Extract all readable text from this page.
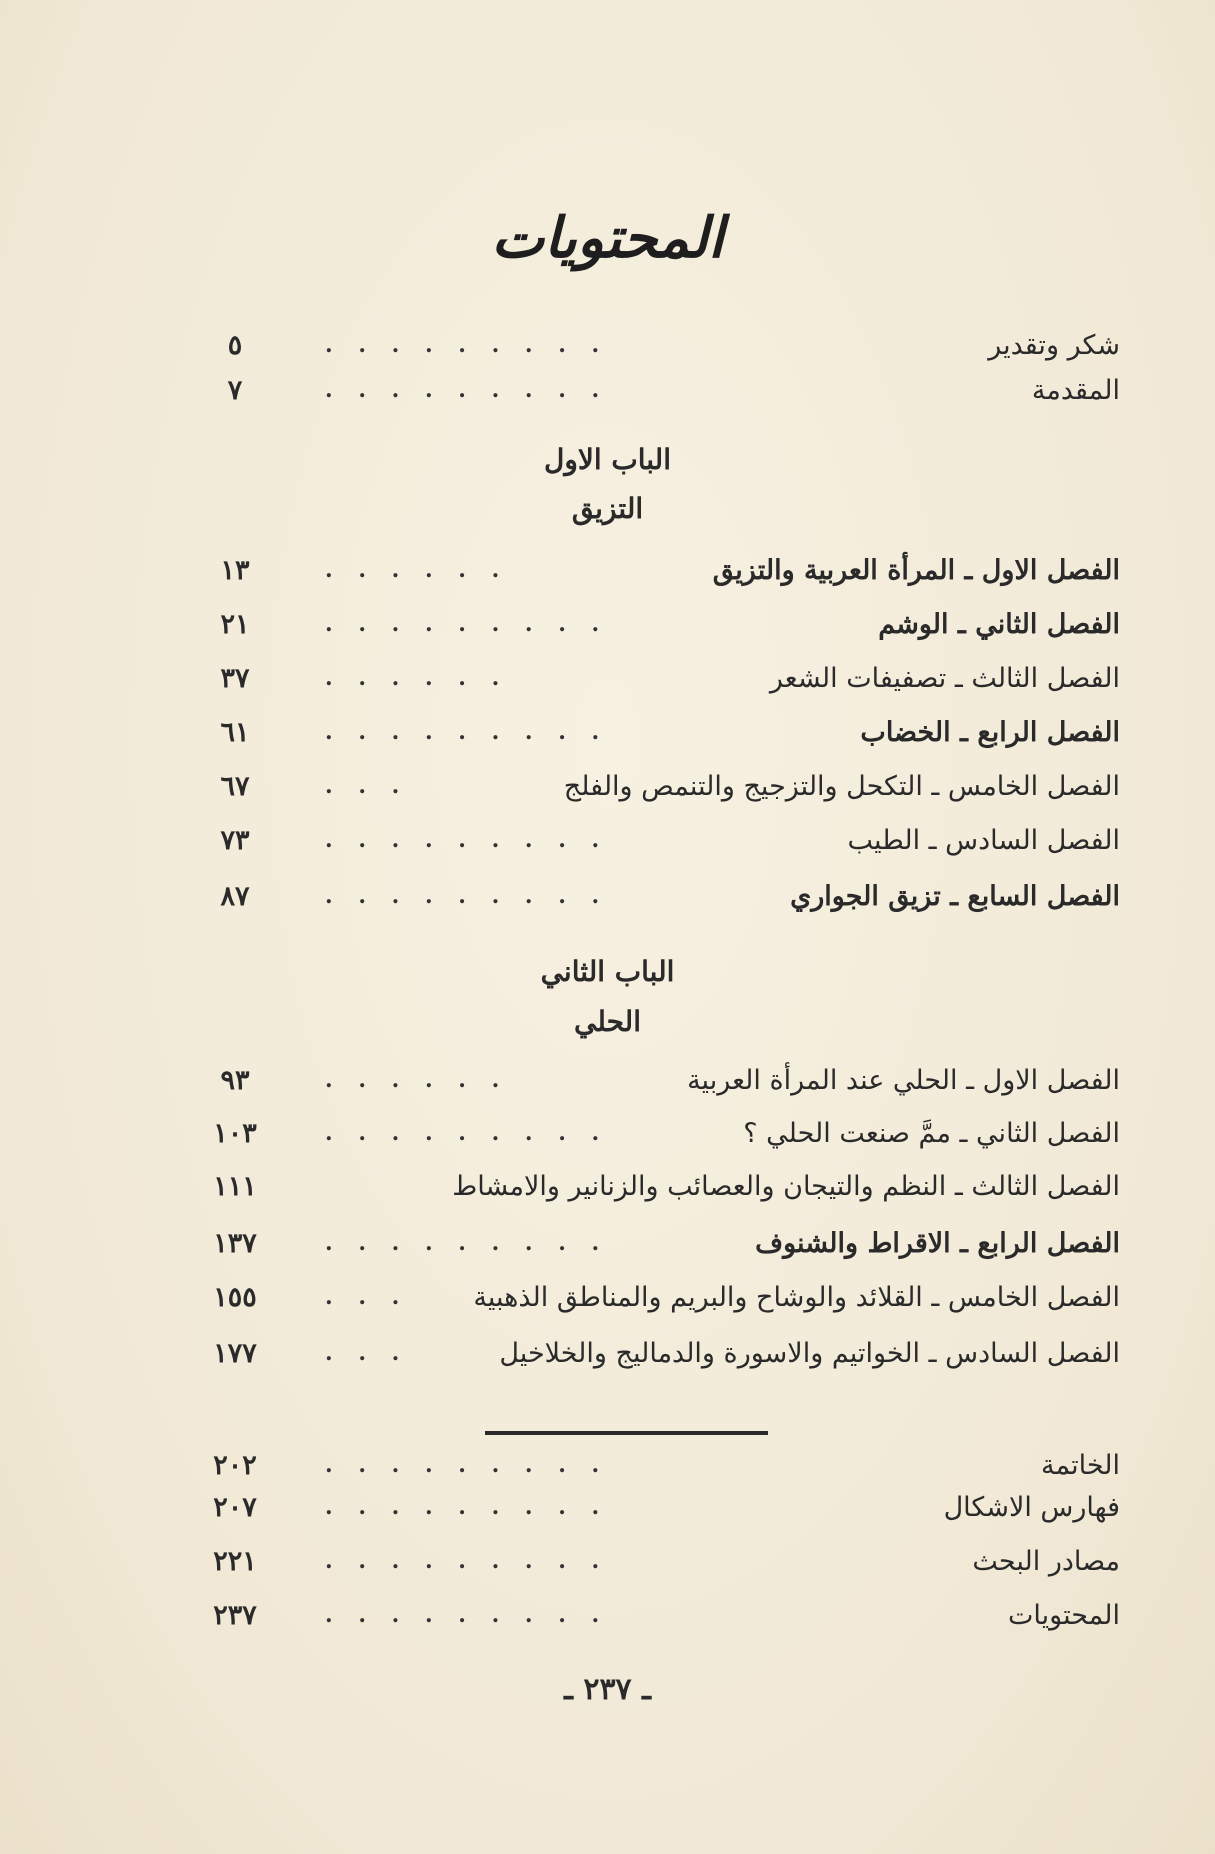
المحتويات
شكر وتقدير
. . . . . . . . .
٥
المقدمة
. . . . . . . . .
٧
الباب الاول
التزيق
الفصل الاول ـ المرأة العربية والتزيق
. . . . . .
١٣
الفصل الثاني ـ الوشم
. . . . . . . . .
٢١
الفصل الثالث ـ تصفيفات الشعر
. . . . . .
٣٧
الفصل الرابع ـ الخضاب
. . . . . . . . .
٦١
الفصل الخامس ـ التكحل والتزجيج والتنمص والفلج
. . .
٦٧
الفصل السادس ـ الطيب
. . . . . . . . .
٧٣
الفصل السابع ـ تزيق الجواري
. . . . . . . . .
٨٧
الباب الثاني
الحلي
الفصل الاول ـ الحلي عند المرأة العربية
. . . . . .
٩٣
الفصل الثاني ـ ممَّ صنعت الحلي ؟
. . . . . . . . .
١٠٣
الفصل الثالث ـ النظم والتيجان والعصائب والزنانير والامشاط
١١١
الفصل الرابع ـ الاقراط والشنوف
. . . . . . . . .
١٣٧
الفصل الخامس ـ القلائد والوشاح والبريم والمناطق الذهبية
. . .
١٥٥
الفصل السادس ـ الخواتيم والاسورة والدماليج والخلاخيل
. . .
١٧٧
الخاتمة
. . . . . . . . .
٢٠٢
فهارس الاشكال
. . . . . . . . .
٢٠٧
مصادر البحث
. . . . . . . . .
٢٢١
المحتويات
. . . . . . . . .
٢٣٧
ـ ٢٣٧ ـ
